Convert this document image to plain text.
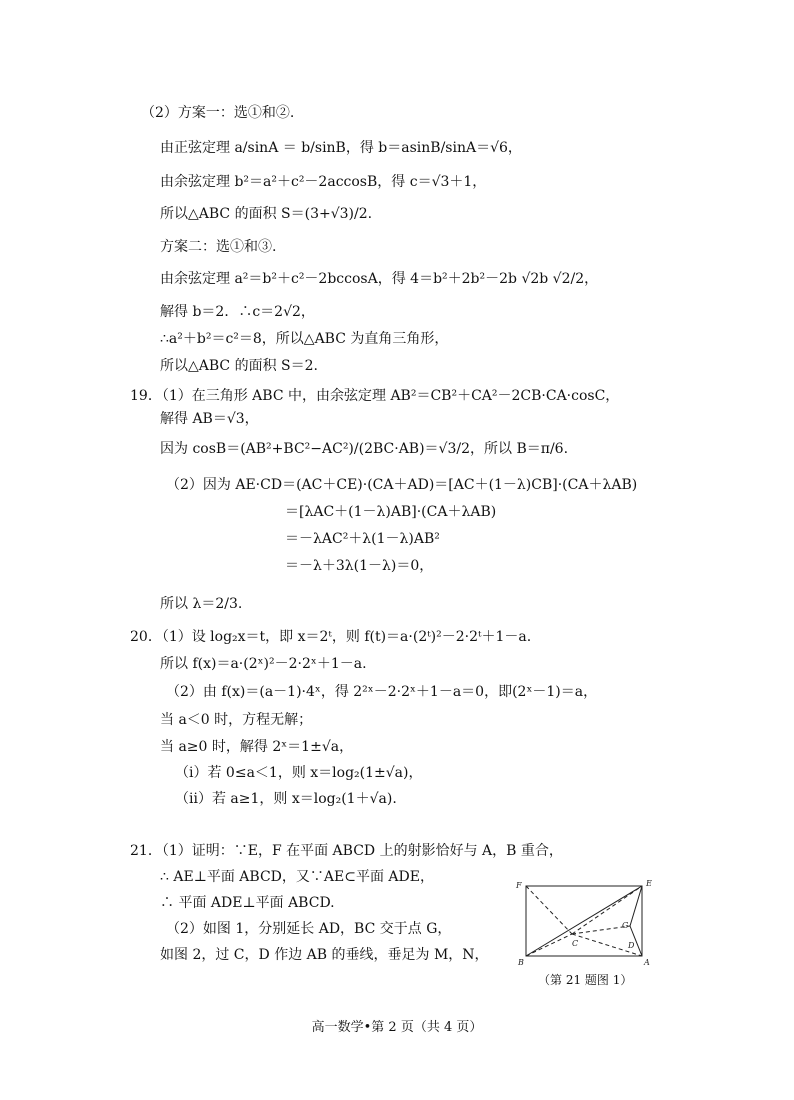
（2）方案一：选①和②.
由正弦定理 a/sinA ＝ b/sinB，得 b＝asinB/sinA＝√6，
由余弦定理 b²＝a²＋c²－2accosB，得 c＝√3＋1，
所以△ABC 的面积 S＝(3+√3)/2.
方案二：选①和③.
由余弦定理 a²＝b²＋c²－2bccosA，得 4＝b²＋2b²－2b √2b √2/2，
解得 b＝2．∴c＝2√2，
∴a²＋b²＝c²＝8，所以△ABC 为直角三角形，
所以△ABC 的面积 S＝2.
19．（1）在三角形 ABC 中，由余弦定理 AB²＝CB²＋CA²－2CB·CA·cosC，
解得 AB＝√3，
因为 cosB＝(AB²+BC²−AC²)/(2BC·AB)＝√3/2，所以 B＝π/6.
（2）因为 AE·CD＝(AC＋CE)·(CA＋AD)＝[AC＋(1－λ)CB]·(CA＋λAB)
＝[λAC＋(1－λ)AB]·(CA＋λAB)
＝－λAC²＋λ(1－λ)AB²
＝－λ＋3λ(1－λ)＝0，
所以 λ＝2/3.
20．（1）设 log₂x＝t，即 x＝2ᵗ，则 f(t)＝a·(2ᵗ)²－2·2ᵗ＋1－a.
所以 f(x)＝a·(2ˣ)²－2·2ˣ＋1－a.
（2）由 f(x)＝(a－1)·4ˣ，得 2²ˣ－2·2ˣ＋1－a＝0，即(2ˣ－1)＝a，
当 a＜0 时，方程无解；
当 a≥0 时，解得 2ˣ＝1±√a，
（ⅰ）若 0≤a＜1，则 x＝log₂(1±√a)，
（ⅱ）若 a≥1，则 x＝log₂(1＋√a).
21．（1）证明：∵E，F 在平面 ABCD 上的射影恰好与 A，B 重合，
∴ AE⊥平面 ABCD，又∵AE⊂平面 ADE，
∴ 平面 ADE⊥平面 ABCD.
（2）如图 1，分别延长 AD，BC 交于点 G，
如图 2，过 C，D 作边 AB 的垂线，垂足为 M，N，
F	E
B	A
C	D
G
（第 21 题图 1）
高一数学•第 2 页（共 4 页）
